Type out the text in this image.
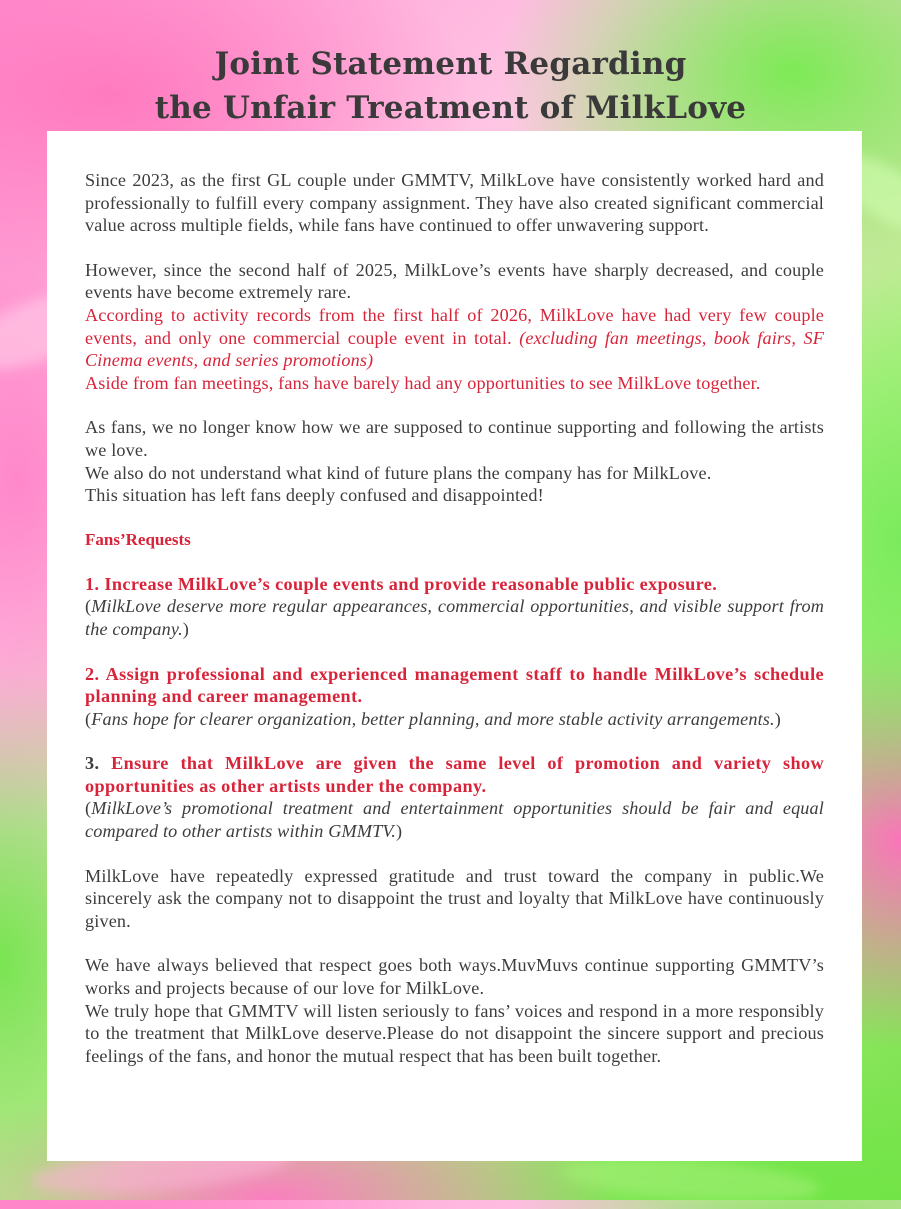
Joint Statement Regarding
the Unfair Treatment of MilkLove

Since 2023, as the first GL couple under GMMTV, MilkLove have consistently worked hard and professionally to fulfill every company assignment. They have also created significant commercial value across multiple fields, while fans have continued to offer unwavering support.

However, since the second half of 2025, MilkLove’s events have sharply decreased, and couple events have become extremely rare.
According to activity records from the first half of 2026, MilkLove have had very few couple events, and only one commercial couple event in total. (excluding fan meetings, book fairs, SF Cinema events, and series promotions)
Aside from fan meetings, fans have barely had any opportunities to see MilkLove together.

As fans, we no longer know how we are supposed to continue supporting and following the artists we love.
We also do not understand what kind of future plans the company has for MilkLove.
This situation has left fans deeply confused and disappointed!

Fans’Requests

1. Increase MilkLove’s couple events and provide reasonable public exposure.
(MilkLove deserve more regular appearances, commercial opportunities, and visible support from the company.)

2. Assign professional and experienced management staff to handle MilkLove’s schedule planning and career management.
(Fans hope for clearer organization, better planning, and more stable activity arrangements.)

3. Ensure that MilkLove are given the same level of promotion and variety show opportunities as other artists under the company.
(MilkLove’s promotional treatment and entertainment opportunities should be fair and equal compared to other artists within GMMTV.)

MilkLove have repeatedly expressed gratitude and trust toward the company in public.We sincerely ask the company not to disappoint the trust and loyalty that MilkLove have continuously given.

We have always believed that respect goes both ways.MuvMuvs continue supporting GMMTV’s works and projects because of our love for MilkLove.
We truly hope that GMMTV will listen seriously to fans’ voices and respond in a more responsibly to the treatment that MilkLove deserve.Please do not disappoint the sincere support and precious feelings of the fans, and honor the mutual respect that has been built together.
